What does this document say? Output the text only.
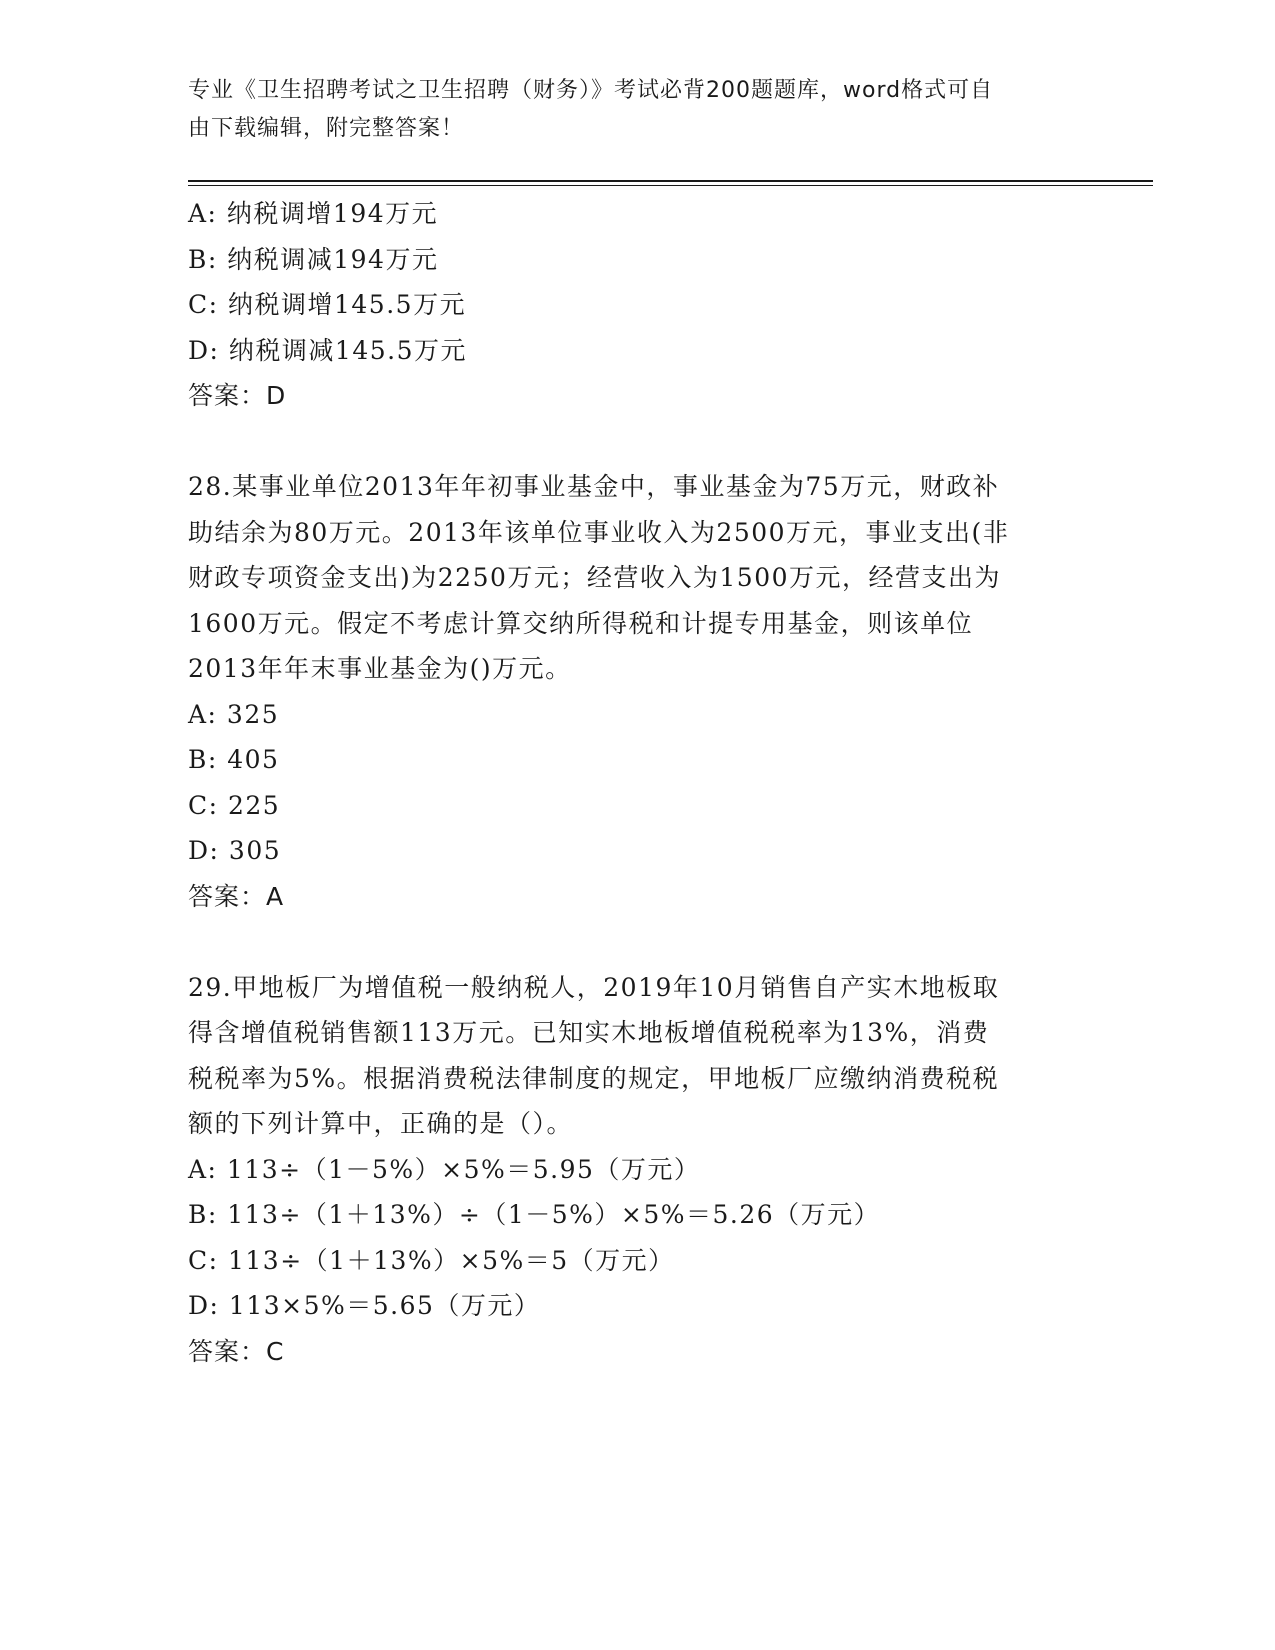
专业《卫生招聘考试之卫生招聘（财务）》考试必背200题题库，word格式可自
由下载编辑，附完整答案！
A: 纳税调增194万元
B: 纳税调减194万元
C: 纳税调增145.5万元
D: 纳税调减145.5万元
答案：D
28.某事业单位2013年年初事业基金中，事业基金为75万元，财政补
助结余为80万元。2013年该单位事业收入为2500万元，事业支出(非
财政专项资金支出)为2250万元；经营收入为1500万元，经营支出为
1600万元。假定不考虑计算交纳所得税和计提专用基金，则该单位
2013年年末事业基金为()万元。
A: 325
B: 405
C: 225
D: 305
答案：A
29.甲地板厂为增值税一般纳税人，2019年10月销售自产实木地板取
得含增值税销售额113万元。已知实木地板增值税税率为13%，消费
税税率为5%。根据消费税法律制度的规定，甲地板厂应缴纳消费税税
额的下列计算中，正确的是（）。
A: 113÷（1－5%）×5%＝5.95（万元）
B: 113÷（1＋13%）÷（1－5%）×5%＝5.26（万元）
C: 113÷（1＋13%）×5%＝5（万元）
D: 113×5%＝5.65（万元）
答案：C
